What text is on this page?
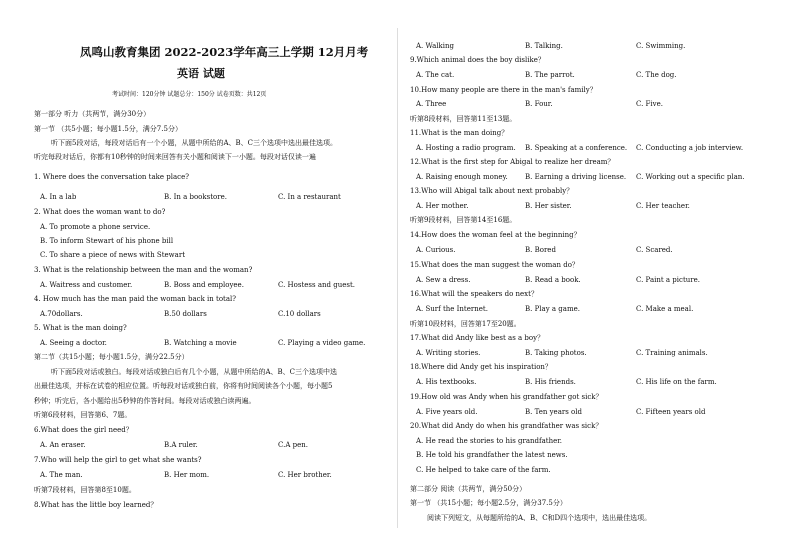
凤鸣山教育集团 2022-2023学年高三上学期 12月月考
英语 试题
考试时间：120分钟 试题总分：150分 试卷页数：共12页
第一部分 听力（共两节，满分30分）
第一节 （共5小题；每小题1.5分，满分7.5分）
听下面5段对话，每段对话后有一个小题，从题中所给的A、B、C三个选项中选出最佳选项。
听完每段对话后，你都有10秒钟的时间来回答有关小题和阅读下一小题。每段对话仅读一遍
1. Where does the conversation take place?
A. In a lab	B. In a bookstore.	C. In a restaurant
2. What does the woman want to do?
A. To promote a phone service.
B. To inform Stewart of his phone bill
C. To share a piece of news with Stewart
3. What is the relationship between the man and the woman?
A. Waitress and customer.	B. Boss and employee.	C. Hostess and guest.
4. How much has the man paid the woman back in total?
A.70dollars.	B.50 dollars	C.10 dollars
5. What is the man doing?
A. Seeing a doctor.	B. Watching a movie	C. Playing a video game.
第二节（共15小题；每小题1.5分，满分22.5分）
听下面5段对话或独白。每段对话或独白后有几个小题，从题中所给的A、B、C三个选项中选
出最佳选项，并标在试卷的相应位置。听每段对话或独白前，你将有时间阅读各个小题，每小题5
秒钟；听完后，各小题给出5秒钟的作答时间。每段对话或独白读两遍。
听第6段材料，回答第6、7题。
6.What does the girl need？
A. An eraser.	B.A ruler.	C.A pen.
7.Who will help the girl to get what she wants?
A. The man.	B. Her mom.	C. Her brother.
听第7段材料，回答第8至10题。
8.What has the little boy learned？
A. Walking	B. Talking.	C. Swimming.
9.Which animal does the boy dislike？
A. The cat.	B. The parrot.	C. The dog.
10.How many people are there in the man's family？
A. Three	B. Four.	C. Five.
听第8段材料，回答第11至13题。
11.What is the man doing？
A. Hosting a radio program. B. Speaking at a conference. C. Conducting a job interview.
12.What is the first step for Abigal to realize her dream？
A. Raising enough money. B. Earning a driving license. C. Working out a specific plan.
13.Who will Abigal talk about next probably？
A. Her mother.	B. Her sister.	C. Her teacher.
听第9段材料，回答第14至16题。
14.How does the woman feel at the beginning？
A. Curious.	B. Bored	C. Scared.
15.What does the man suggest the woman do？
A. Sew a dress.	B. Read a book.	C. Paint a picture.
16.What will the speakers do next？
A. Surf the Internet.	B. Play a game.	C. Make a meal.
听第10段材料，回答第17至20题。
17.What did Andy like best as a boy？
A. Writing stories.	B. Taking photos.	C. Training animals.
18.Where did Andy get his inspiration？
A. His textbooks.	B. His friends.	C. His life on the farm.
19.How old was Andy when his grandfather got sick？
A. Five years old.	B. Ten years old	C. Fifteen years old
20.What did Andy do when his grandfather was sick？
A. He read the stories to his grandfather.
B. He told his grandfather the latest news.
C. He helped to take care of the farm.
第二部分 阅读（共两节，满分50分）
第一节 （共15小题；每小题2.5分，满分37.5分）
阅读下列短文，从每题所给的A、B、C和D四个选项中，选出最佳选项。
